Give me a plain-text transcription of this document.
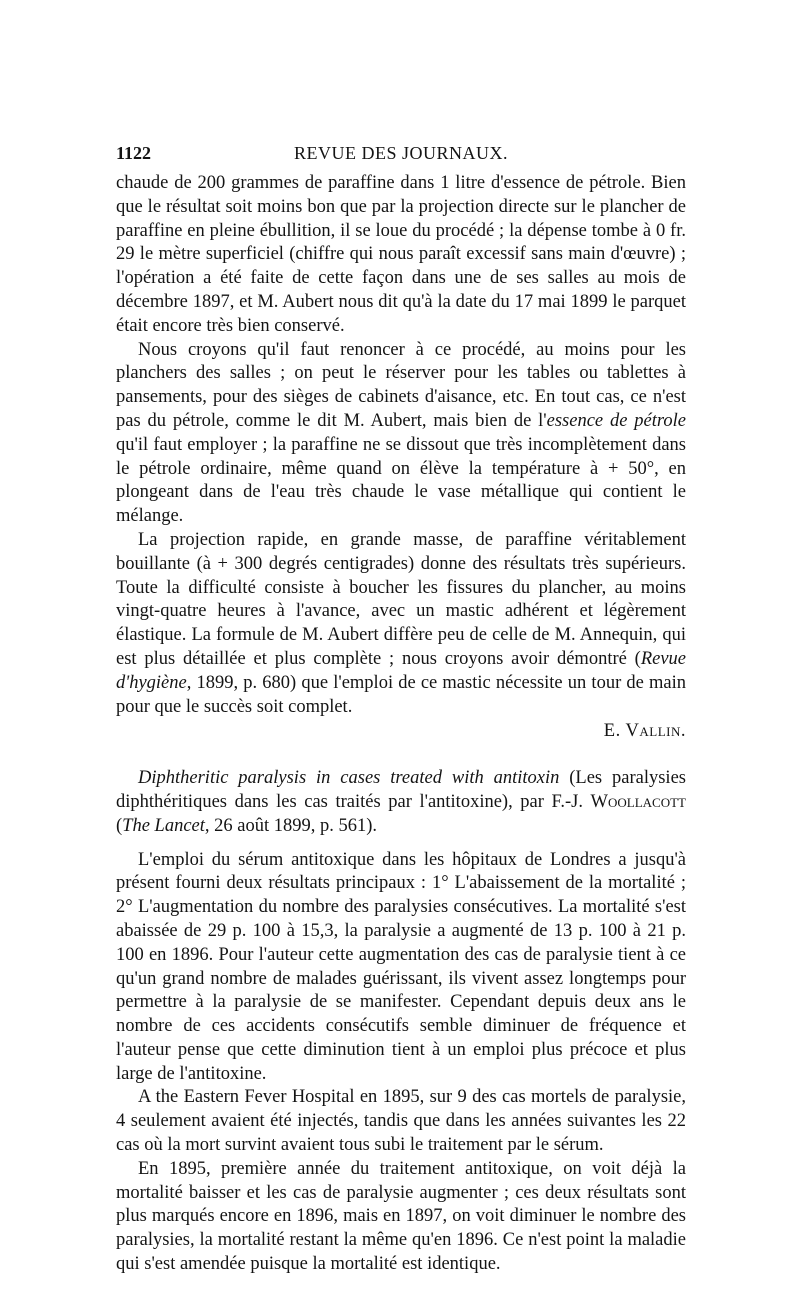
1122	REVUE DES JOURNAUX.

chaude de 200 grammes de paraffine dans 1 litre d'essence de pétrole. Bien que le résultat soit moins bon que par la projection directe sur le plancher de paraffine en pleine ébullition, il se loue du procédé ; la dépense tombe à 0 fr. 29 le mètre superficiel (chiffre qui nous paraît excessif sans main d'œuvre) ; l'opération a été faite de cette façon dans une de ses salles au mois de décembre 1897, et M. Aubert nous dit qu'à la date du 17 mai 1899 le parquet était encore très bien conservé.

Nous croyons qu'il faut renoncer à ce procédé, au moins pour les planchers des salles ; on peut le réserver pour les tables ou tablettes à pansements, pour des sièges de cabinets d'aisance, etc. En tout cas, ce n'est pas du pétrole, comme le dit M. Aubert, mais bien de l'essence de pétrole qu'il faut employer ; la paraffine ne se dissout que très incomplètement dans le pétrole ordinaire, même quand on élève la température à + 50°, en plongeant dans de l'eau très chaude le vase métallique qui contient le mélange.

La projection rapide, en grande masse, de paraffine véritablement bouillante (à + 300 degrés centigrades) donne des résultats très supérieurs. Toute la difficulté consiste à boucher les fissures du plancher, au moins vingt-quatre heures à l'avance, avec un mastic adhérent et légèrement élastique. La formule de M. Aubert diffère peu de celle de M. Annequin, qui est plus détaillée et plus complète ; nous croyons avoir démontré (Revue d'hygiène, 1899, p. 680) que l'emploi de ce mastic nécessite un tour de main pour que le succès soit complet.

E. Vallin.

Diphtheritic paralysis in cases treated with antitoxin (Les paralysies diphthéritiques dans les cas traités par l'antitoxine), par F.-J. Woollacott (The Lancet, 26 août 1899, p. 561).

L'emploi du sérum antitoxique dans les hôpitaux de Londres a jusqu'à présent fourni deux résultats principaux : 1° L'abaissement de la mortalité ; 2° L'augmentation du nombre des paralysies consécutives. La mortalité s'est abaissée de 29 p. 100 à 15,3, la paralysie a augmenté de 13 p. 100 à 21 p. 100 en 1896. Pour l'auteur cette augmentation des cas de paralysie tient à ce qu'un grand nombre de malades guérissant, ils vivent assez longtemps pour permettre à la paralysie de se manifester. Cependant depuis deux ans le nombre de ces accidents consécutifs semble diminuer de fréquence et l'auteur pense que cette diminution tient à un emploi plus précoce et plus large de l'antitoxine.

A the Eastern Fever Hospital en 1895, sur 9 des cas mortels de paralysie, 4 seulement avaient été injectés, tandis que dans les années suivantes les 22 cas où la mort survint avaient tous subi le traitement par le sérum.

En 1895, première année du traitement antitoxique, on voit déjà la mortalité baisser et les cas de paralysie augmenter ; ces deux résultats sont plus marqués encore en 1896, mais en 1897, on voit diminuer le nombre des paralysies, la mortalité restant la même qu'en 1896. Ce n'est point la maladie qui s'est amendée puisque la mortalité est identique.
